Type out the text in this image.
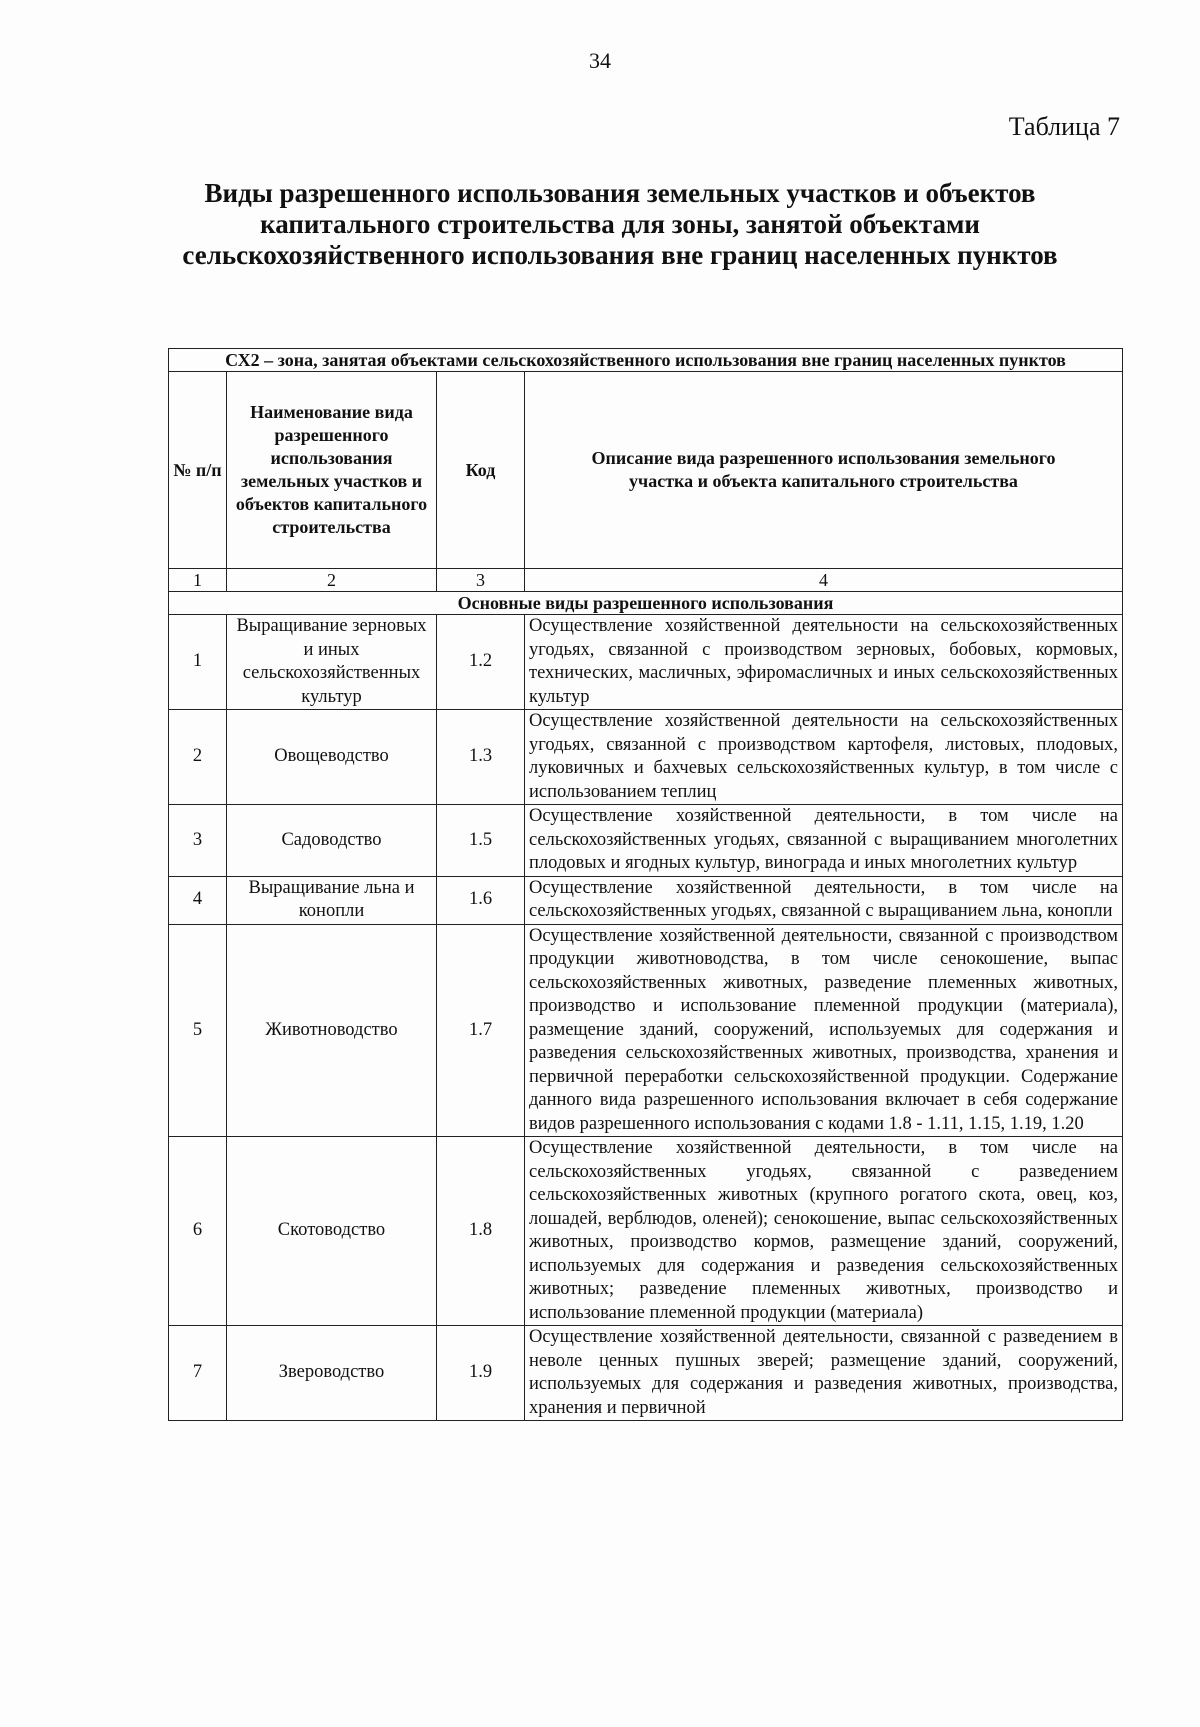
34
Таблица 7
Виды разрешенного использования земельных участков и объектов капитального строительства для зоны, занятой объектами сельскохозяйственного использования вне границ населенных пунктов
СХ2 – зона, занятая объектами сельскохозяйственного использования вне границ населенных пунктов			
№ п/п	Наименование вида разрешенного использования земельных участков и объектов капитального строительства	Код	Описание вида разрешенного использования земельного участка и объекта капитального строительства
1	2	3	4
Основные виды разрешенного использования			
1	Выращивание зерновых и иных сельскохозяйственных культур	1.2	Осуществление хозяйственной деятельности на сельскохозяйственных угодьях, связанной с производством зерновых, бобовых, кормовых, технических, масличных, эфиромасличных и иных сельскохозяйственных культур
2	Овощеводство	1.3	Осуществление хозяйственной деятельности на сельскохозяйственных угодьях, связанной с производством картофеля, листовых, плодовых, луковичных и бахчевых сельскохозяйственных культур, в том числе с использованием теплиц
3	Садоводство	1.5	Осуществление хозяйственной деятельности, в том числе на сельскохозяйственных угодьях, связанной с выращиванием многолетних плодовых и ягодных культур, винограда и иных многолетних культур
4	Выращивание льна и конопли	1.6	Осуществление хозяйственной деятельности, в том числе на сельскохозяйственных угодьях, связанной с выращиванием льна, конопли
5	Животноводство	1.7	Осуществление хозяйственной деятельности, связанной с производством продукции животноводства, в том числе сенокошение, выпас сельскохозяйственных животных, разведение племенных животных, производство и использование племенной продукции (материала), размещение зданий, сооружений, используемых для содержания и разведения сельскохозяйственных животных, производства, хранения и первичной переработки сельскохозяйственной продукции. Содержание данного вида разрешенного использования включает в себя содержание видов разрешенного использования с кодами 1.8 - 1.11, 1.15, 1.19, 1.20
6	Скотоводство	1.8	Осуществление хозяйственной деятельности, в том числе на сельскохозяйственных угодьях, связанной с разведением сельскохозяйственных животных (крупного рогатого скота, овец, коз, лошадей, верблюдов, оленей); сенокошение, выпас сельскохозяйственных животных, производство кормов, размещение зданий, сооружений, используемых для содержания и разведения сельскохозяйственных животных; разведение племенных животных, производство и использование племенной продукции (материала)
7	Звероводство	1.9	Осуществление хозяйственной деятельности, связанной с разведением в неволе ценных пушных зверей; размещение зданий, сооружений, используемых для содержания и разведения животных, производства, хранения и первичной
